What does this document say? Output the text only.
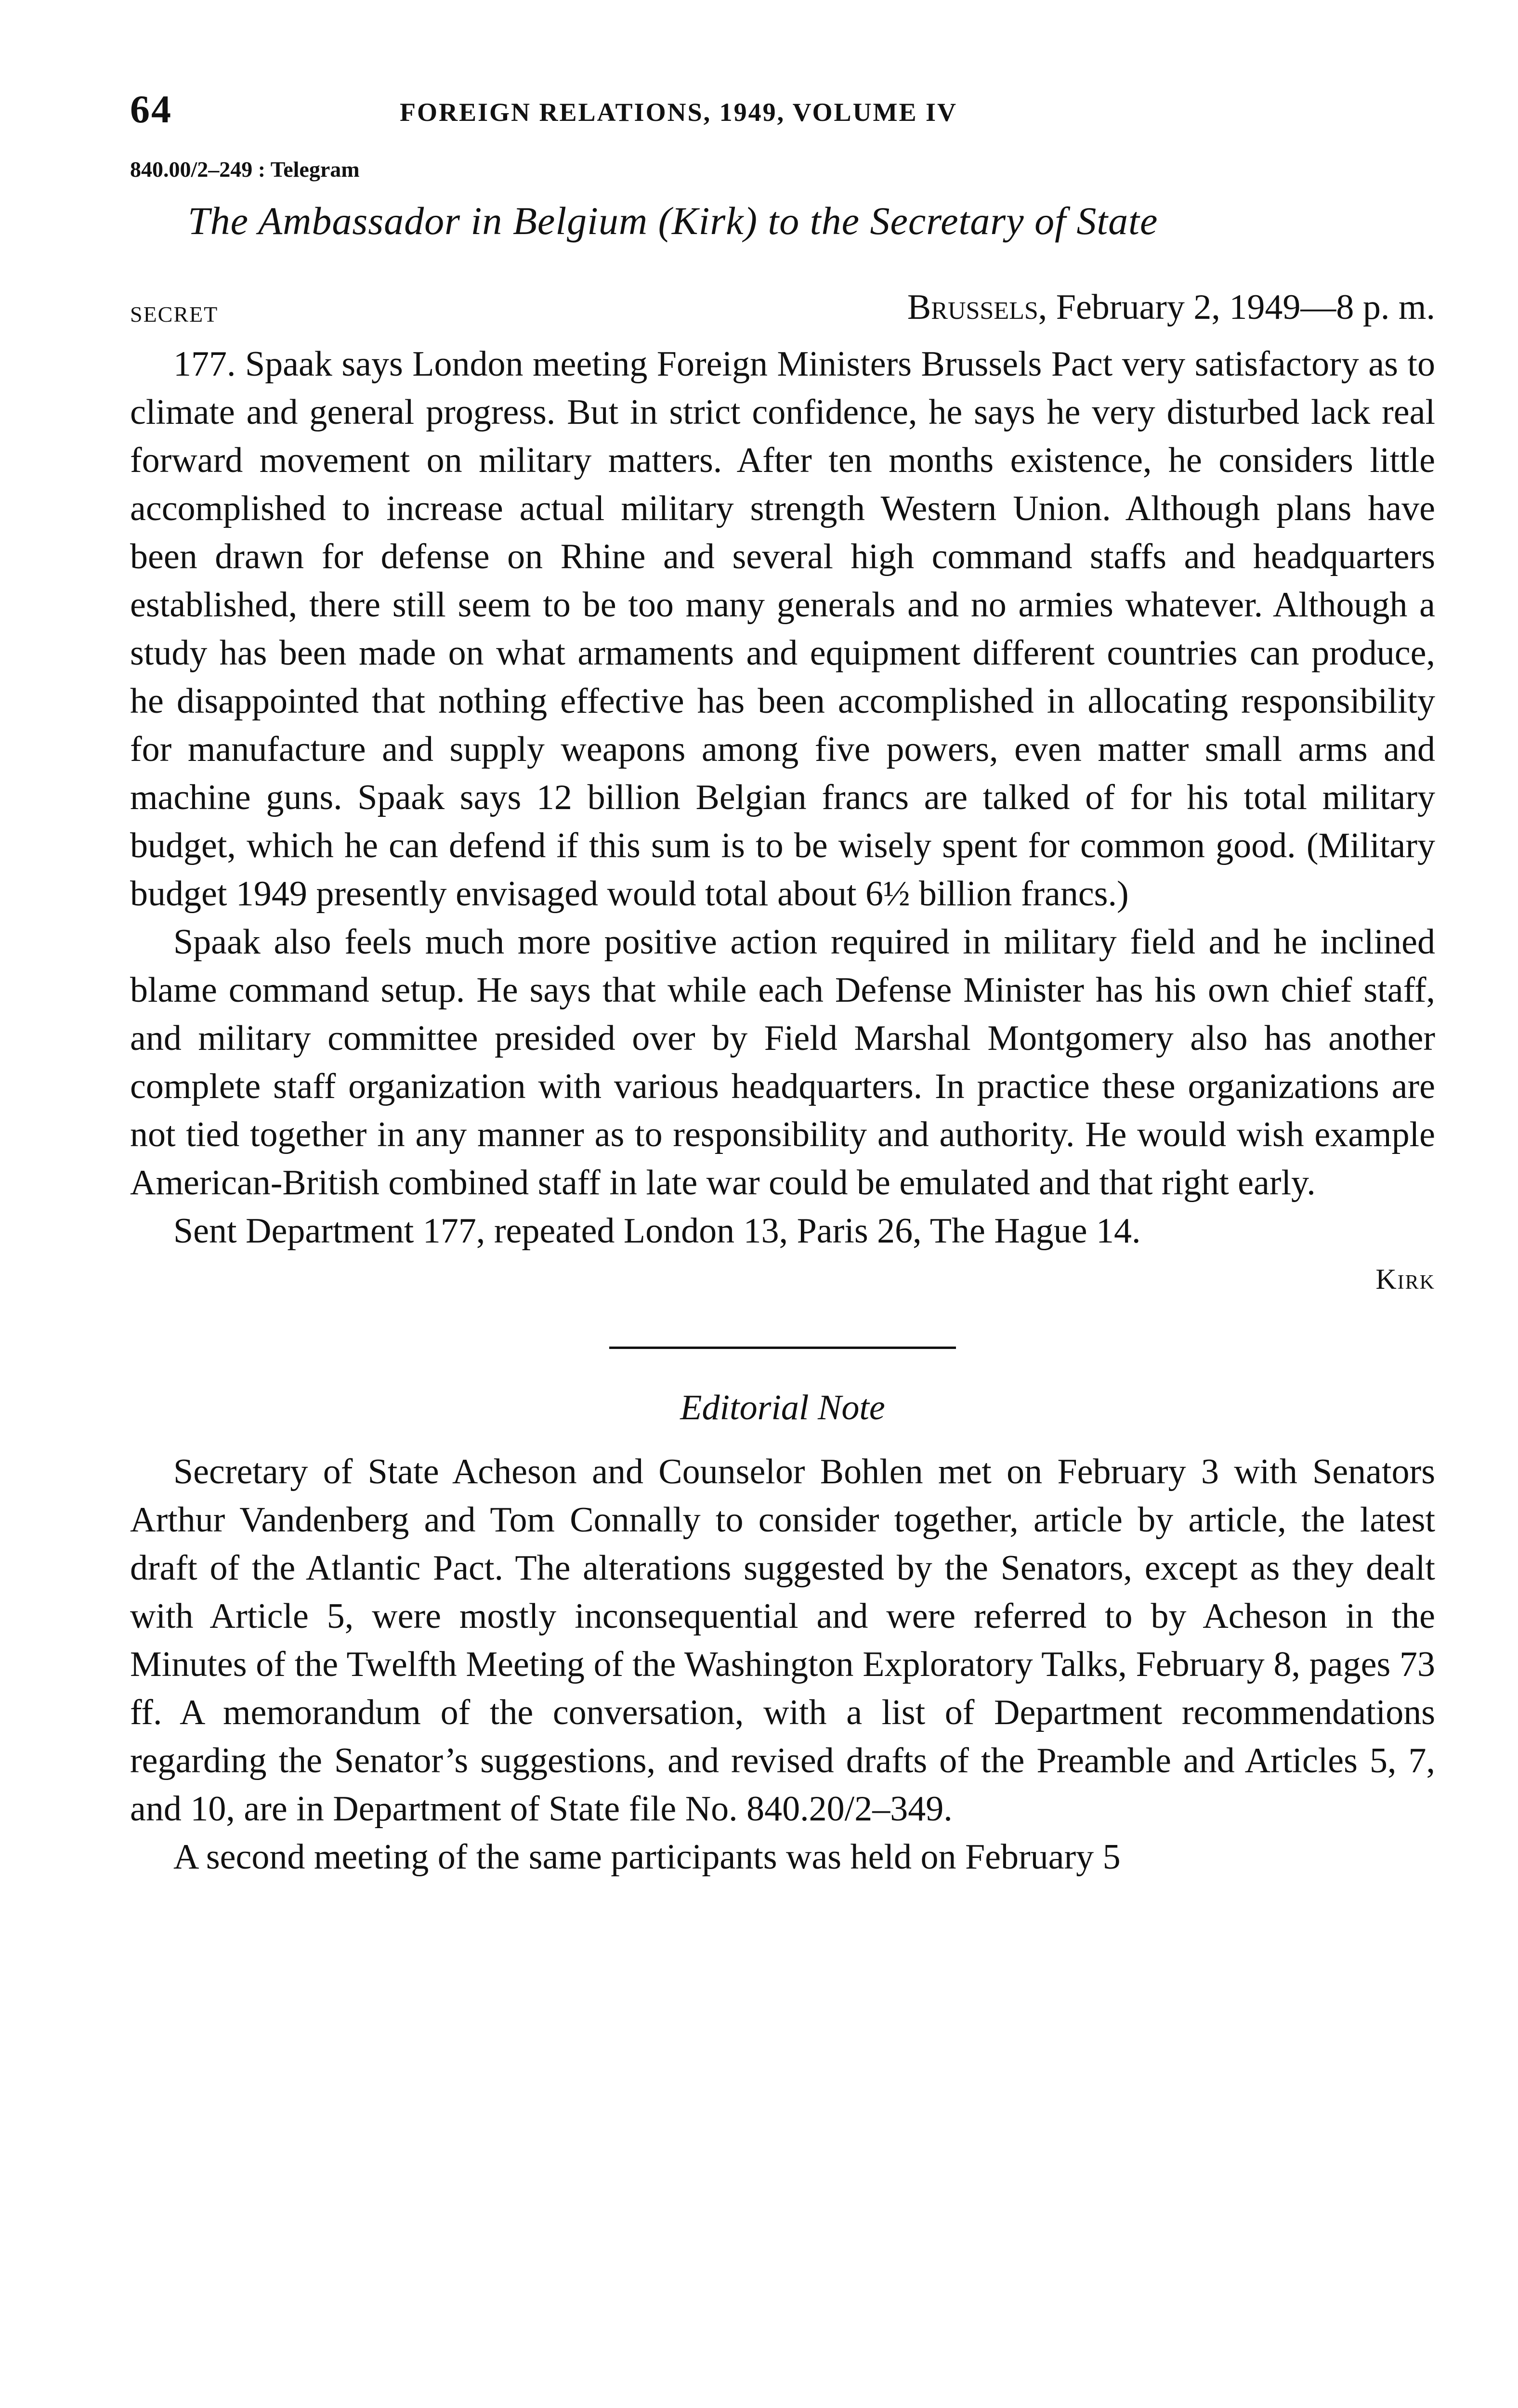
64	FOREIGN RELATIONS, 1949, VOLUME IV
840.00/2–249 : Telegram
The Ambassador in Belgium (Kirk) to the Secretary of State
SECRET	Brussels, February 2, 1949—8 p. m.

177. Spaak says London meeting Foreign Ministers Brussels Pact very satisfactory as to climate and general progress. But in strict confidence, he says he very disturbed lack real forward movement on military matters. After ten months existence, he considers little accomplished to increase actual military strength Western Union. Although plans have been drawn for defense on Rhine and several high command staffs and headquarters established, there still seem to be too many generals and no armies whatever. Although a study has been made on what armaments and equipment different countries can produce, he disappointed that nothing effective has been accomplished in allocating responsibility for manufacture and supply weapons among five powers, even matter small arms and machine guns. Spaak says 12 billion Belgian francs are talked of for his total military budget, which he can defend if this sum is to be wisely spent for common good. (Military budget 1949 presently envisaged would total about 6½ billion francs.)

Spaak also feels much more positive action required in military field and he inclined blame command setup. He says that while each Defense Minister has his own chief staff, and military committee presided over by Field Marshal Montgomery also has another complete staff organization with various headquarters. In practice these organizations are not tied together in any manner as to responsibility and authority. He would wish example American-British combined staff in late war could be emulated and that right early.

Sent Department 177, repeated London 13, Paris 26, The Hague 14.

Kirk
Editorial Note

Secretary of State Acheson and Counselor Bohlen met on February 3 with Senators Arthur Vandenberg and Tom Connally to consider together, article by article, the latest draft of the Atlantic Pact. The alterations suggested by the Senators, except as they dealt with Article 5, were mostly inconsequential and were referred to by Acheson in the Minutes of the Twelfth Meeting of the Washington Exploratory Talks, February 8, pages 73 ff. A memorandum of the conversation, with a list of Department recommendations regarding the Senator’s suggestions, and revised drafts of the Preamble and Articles 5, 7, and 10, are in Department of State file No. 840.20/2–349.

A second meeting of the same participants was held on February 5
